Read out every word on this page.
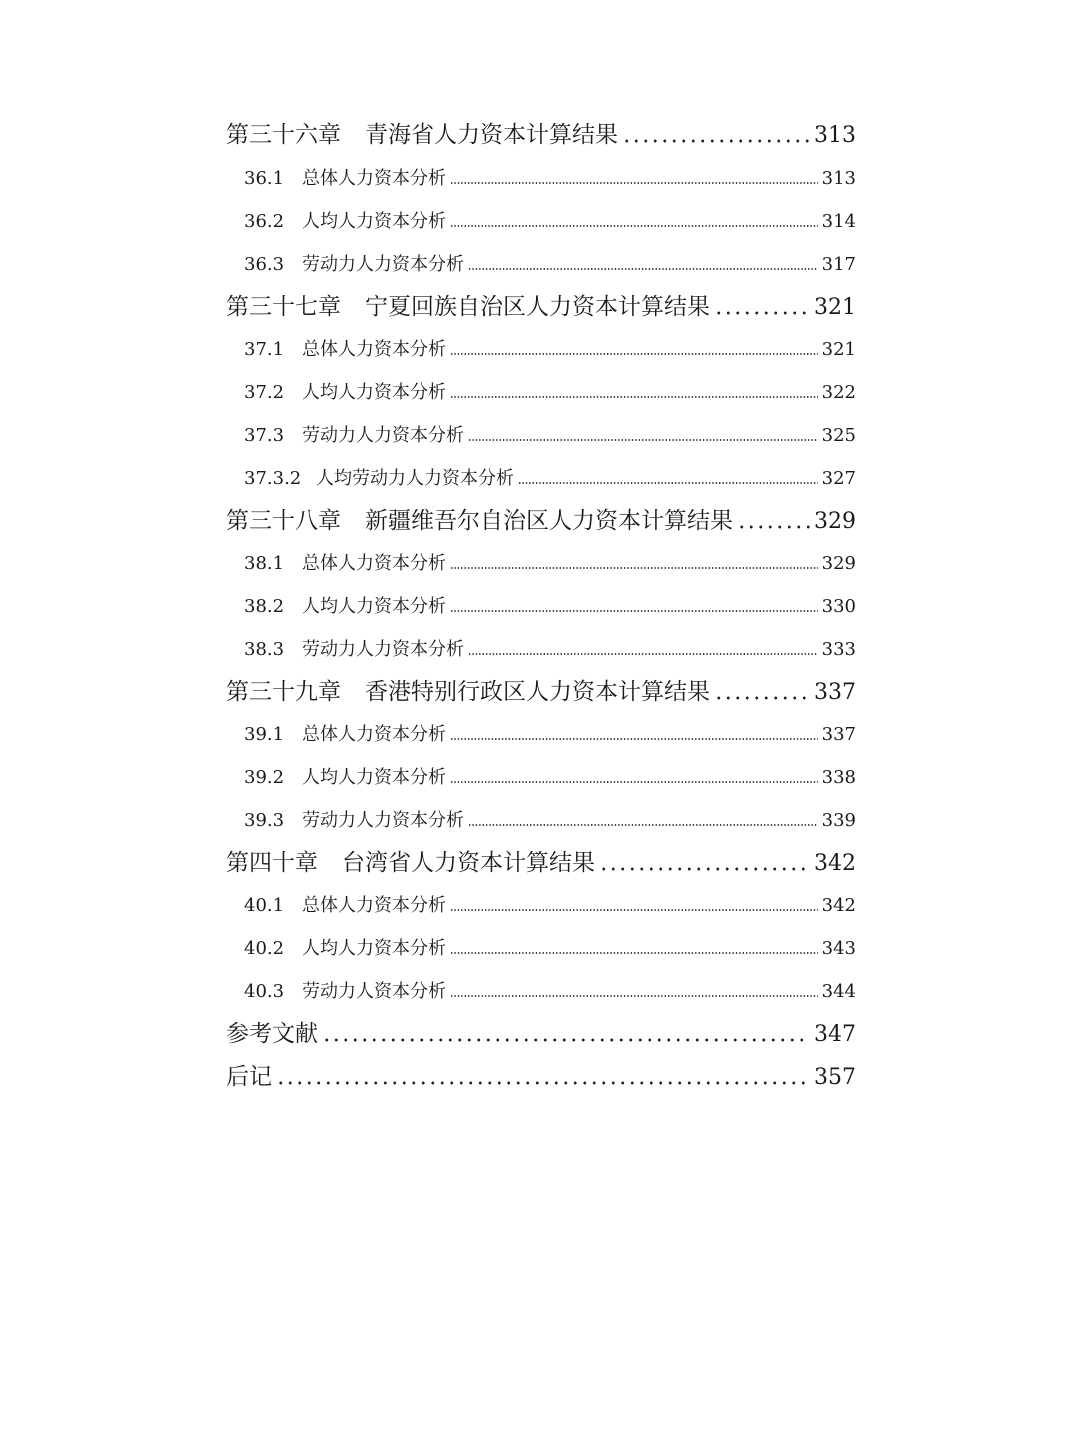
第三十六章 青海省人力资本计算结果	313
36.1 总体人力资本分析	313
36.2 人均人力资本分析	314
36.3 劳动力人力资本分析	317
第三十七章 宁夏回族自治区人力资本计算结果	321
37.1 总体人力资本分析	321
37.2 人均人力资本分析	322
37.3 劳动力人力资本分析	325
37.3.2 人均劳动力人力资本分析	327
第三十八章 新疆维吾尔自治区人力资本计算结果	329
38.1 总体人力资本分析	329
38.2 人均人力资本分析	330
38.3 劳动力人力资本分析	333
第三十九章 香港特别行政区人力资本计算结果	337
39.1 总体人力资本分析	337
39.2 人均人力资本分析	338
39.3 劳动力人力资本分析	339
第四十章 台湾省人力资本计算结果	342
40.1 总体人力资本分析	342
40.2 人均人力资本分析	343
40.3 劳动力人资本分析	344
参考文献	347
后记	357
